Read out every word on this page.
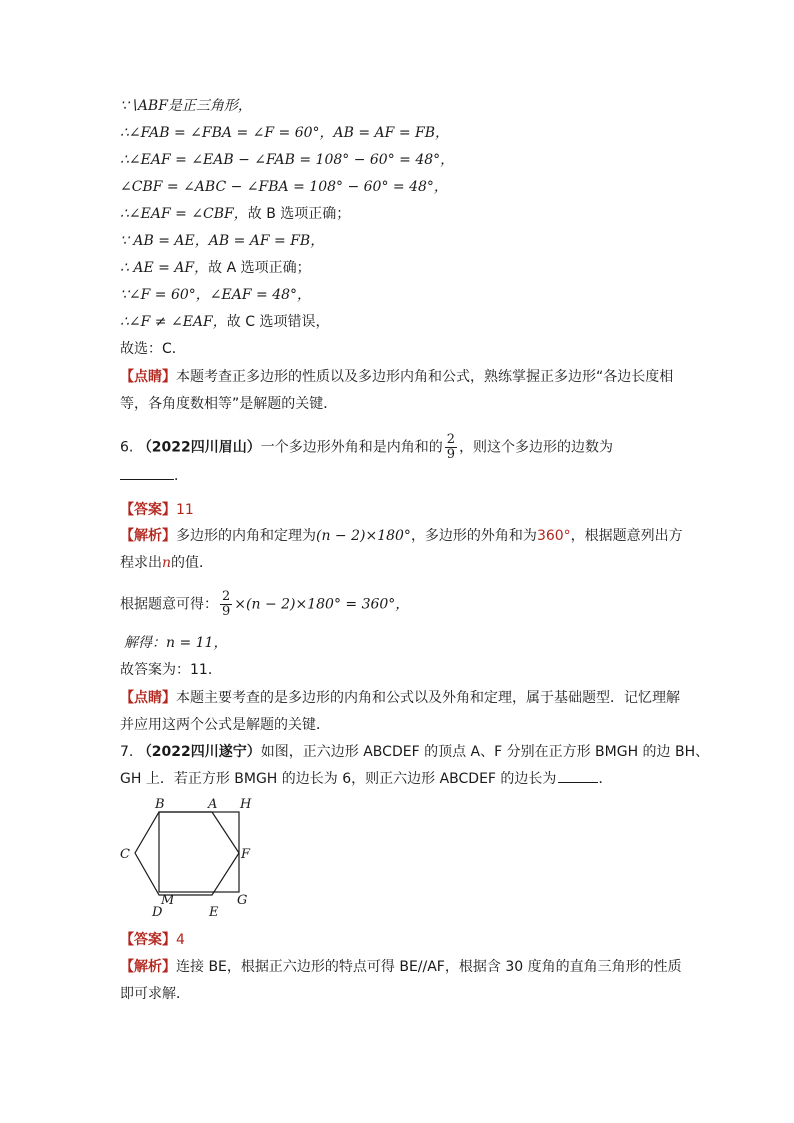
∵∖ABF是正三角形，
∴∠FAB = ∠FBA = ∠F = 60°，AB = AF = FB，
∴∠EAF = ∠EAB − ∠FAB = 108° − 60° = 48°，
∠CBF = ∠ABC − ∠FBA = 108° − 60° = 48°，
∴∠EAF = ∠CBF，故 B 选项正确；
∵ AB = AE，AB = AF = FB，
∴ AE = AF，故 A 选项正确；
∵∠F = 60°，∠EAF = 48°，
∴∠F ≠ ∠EAF，故 C 选项错误，
故选：C．
【点睛】本题考查正多边形的性质以及多边形内角和公式，熟练掌握正多边形“各边长度相
等，各角度数相等”是解题的关键．
6. （2022四川眉山）一个多边形外角和是内角和的 $\frac{2}{9}$ ，则这个多边形的边数为
．
【答案】11
【解析】多边形的内角和定理为(n − 2)×180°，多边形的外角和为360°，根据题意列出方
程求出n的值．
根据题意可得： $\frac{2}{9} \times(n - 2)\times 180^\circ = 360^\circ$，
解得：n = 11，
故答案为：11．
【点睛】本题主要考查的是多边形的内角和公式以及外角和定理，属于基础题型．记忆理解
并应用这两个公式是解题的关键．
7. （2022四川遂宁）如图，正六边形 ABCDEF 的顶点 A、F 分别在正方形 BMGH 的边 BH、
GH 上．若正方形 BMGH 的边长为 6，则正六边形 ABCDEF 的边长为	．
B	A H
C	F
M	G
D	E
【答案】4
【解析】连接 BE，根据正六边形的特点可得 BE//AF，根据含 30 度角的直角三角形的性质
即可求解．
